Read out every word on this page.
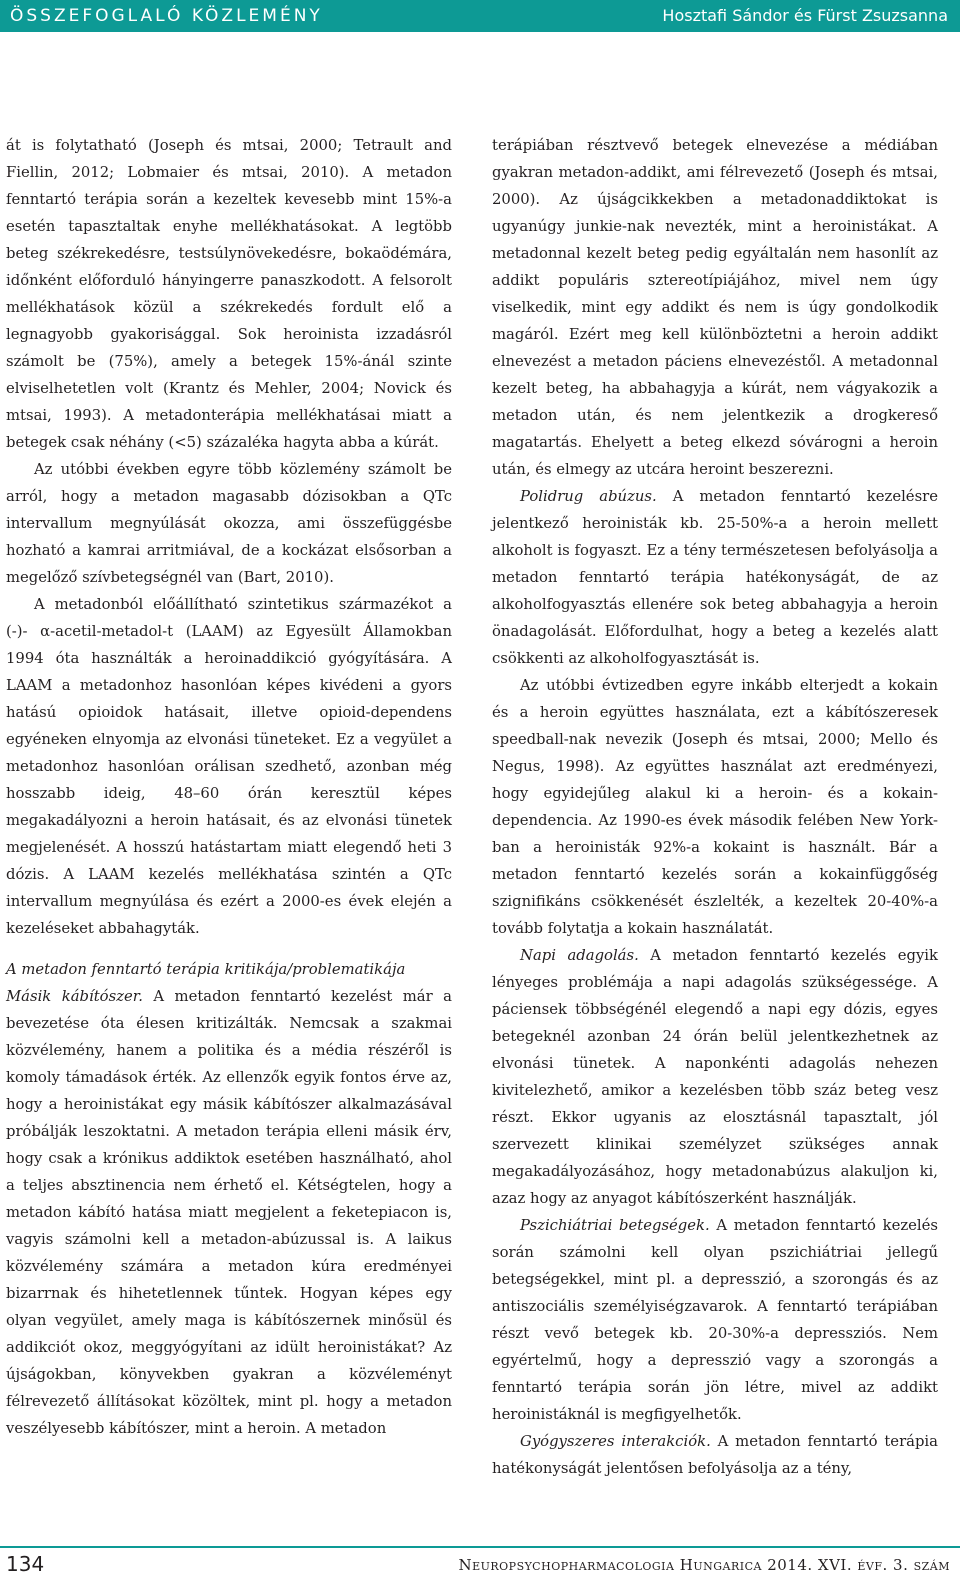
ÖSSZEFOGLALÓ KÖZLEMÉNY	Hosztafi Sándor és Fürst Zsuzsanna

át is folytatható (Joseph és mtsai, 2000; Tetrault and Fiellin, 2012; Lobmaier és mtsai, 2010). A metadon fenntartó terápia során a kezeltek kevesebb mint 15%-a esetén tapasztaltak enyhe mellékhatásokat. A legtöbb beteg székrekedésre, testsúlynövekedésre, bokaödémára, időnként előforduló hányingerre panaszkodott. A felsorolt mellékhatások közül a székrekedés fordult elő a legnagyobb gyakorisággal. Sok heroinista izzadásról számolt be (75%), amely a betegek 15%-ánál szinte elviselhetetlen volt (Krantz és Mehler, 2004; Novick és mtsai, 1993). A metadonterápia mellékhatásai miatt a betegek csak néhány (<5) százaléka hagyta abba a kúrát.

Az utóbbi években egyre több közlemény számolt be arról, hogy a metadon magasabb dózisokban a QTc intervallum megnyúlását okozza, ami összefüggésbe hozható a kamrai arritmiával, de a kockázat elsősorban a megelőző szívbetegségnél van (Bart, 2010).

A metadonból előállítható szintetikus származékot a (-)- α-acetil-metadol-t (LAAM) az Egyesült Államokban 1994 óta használták a heroinaddikció gyógyítására. A LAAM a metadonhoz hasonlóan képes kivédeni a gyors hatású opioidok hatásait, illetve opioid-dependens egyéneken elnyomja az elvonási tüneteket. Ez a vegyület a metadonhoz hasonlóan orálisan szedhető, azonban még hosszabb ideig, 48–60 órán keresztül képes megakadályozni a heroin hatásait, és az elvonási tünetek megjelenését. A hosszú hatástartam miatt elegendő heti 3 dózis. A LAAM kezelés mellékhatása szintén a QTc intervallum megnyúlása és ezért a 2000-es évek elején a kezeléseket abbahagyták.

A metadon fenntartó terápia kritikája/problematikája

Másik kábítószer. A metadon fenntartó kezelést már a bevezetése óta élesen kritizálták. Nemcsak a szakmai közvélemény, hanem a politika és a média részéről is komoly támadások érték. Az ellenzők egyik fontos érve az, hogy a heroinistákat egy másik kábítószer alkalmazásával próbálják leszoktatni. A metadon terápia elleni másik érv, hogy csak a krónikus addiktok esetében használható, ahol a teljes absztinencia nem érhető el. Kétségtelen, hogy a metadon kábító hatása miatt megjelent a feketepiacon is, vagyis számolni kell a metadon-abúzussal is. A laikus közvélemény számára a metadon kúra eredményei bizarrnak és hihetetlennek tűntek. Hogyan képes egy olyan vegyület, amely maga is kábítószernek minősül és addikciót okoz, meggyógyítani az idült heroinistákat? Az újságokban, könyvekben gyakran a közvéleményt félrevezető állításokat közöltek, mint pl. hogy a metadon veszélyesebb kábítószer, mint a heroin. A metadon

terápiában résztvevő betegek elnevezése a médiában gyakran metadon-addikt, ami félrevezető (Joseph és mtsai, 2000). Az újságcikkekben a metadonaddiktokat is ugyanúgy junkie-nak nevezték, mint a heroinistákat. A metadonnal kezelt beteg pedig egyáltalán nem hasonlít az addikt populáris sztereotípiájához, mivel nem úgy viselkedik, mint egy addikt és nem is úgy gondolkodik magáról. Ezért meg kell különböztetni a heroin addikt elnevezést a metadon páciens elnevezéstől. A metadonnal kezelt beteg, ha abbahagyja a kúrát, nem vágyakozik a metadon után, és nem jelentkezik a drogkereső magatartás. Ehelyett a beteg elkezd sóvárogni a heroin után, és elmegy az utcára heroint beszerezni.

Polidrug abúzus. A metadon fenntartó kezelésre jelentkező heroinisták kb. 25-50%-a a heroin mellett alkoholt is fogyaszt. Ez a tény természetesen befolyásolja a metadon fenntartó terápia hatékonyságát, de az alkoholfogyasztás ellenére sok beteg abbahagyja a heroin önadagolását. Előfordulhat, hogy a beteg a kezelés alatt csökkenti az alkoholfogyasztását is.

Az utóbbi évtizedben egyre inkább elterjedt a kokain és a heroin együttes használata, ezt a kábítószeresek speedball-nak nevezik (Joseph és mtsai, 2000; Mello és Negus, 1998). Az együttes használat azt eredményezi, hogy egyidejűleg alakul ki a heroin- és a kokain-dependencia. Az 1990-es évek második felében New York-ban a heroinisták 92%-a kokaint is használt. Bár a metadon fenntartó kezelés során a kokainfüggőség szignifikáns csökkenését észlelték, a kezeltek 20-40%-a tovább folytatja a kokain használatát.

Napi adagolás. A metadon fenntartó kezelés egyik lényeges problémája a napi adagolás szükségessége. A páciensek többségénél elegendő a napi egy dózis, egyes betegeknél azonban 24 órán belül jelentkezhetnek az elvonási tünetek. A naponkénti adagolás nehezen kivitelezhető, amikor a kezelésben több száz beteg vesz részt. Ekkor ugyanis az elosztásnál tapasztalt, jól szervezett klinikai személyzet szükséges annak megakadályozásához, hogy metadonabúzus alakuljon ki, azaz hogy az anyagot kábítószerként használják.

Pszichiátriai betegségek. A metadon fenntartó kezelés során számolni kell olyan pszichiátriai jellegű betegségekkel, mint pl. a depresszió, a szorongás és az antiszociális személyiségzavarok. A fenntartó terápiában részt vevő betegek kb. 20-30%-a depressziós. Nem egyértelmű, hogy a depresszió vagy a szorongás a fenntartó terápia során jön létre, mivel az addikt heroinistáknál is megfigyelhetők.

Gyógyszeres interakciók. A metadon fenntartó terápia hatékonyságát jelentősen befolyásolja az a tény,

134	Neuropsychopharmacologia Hungarica 2014. XVI. évf. 3. szám
